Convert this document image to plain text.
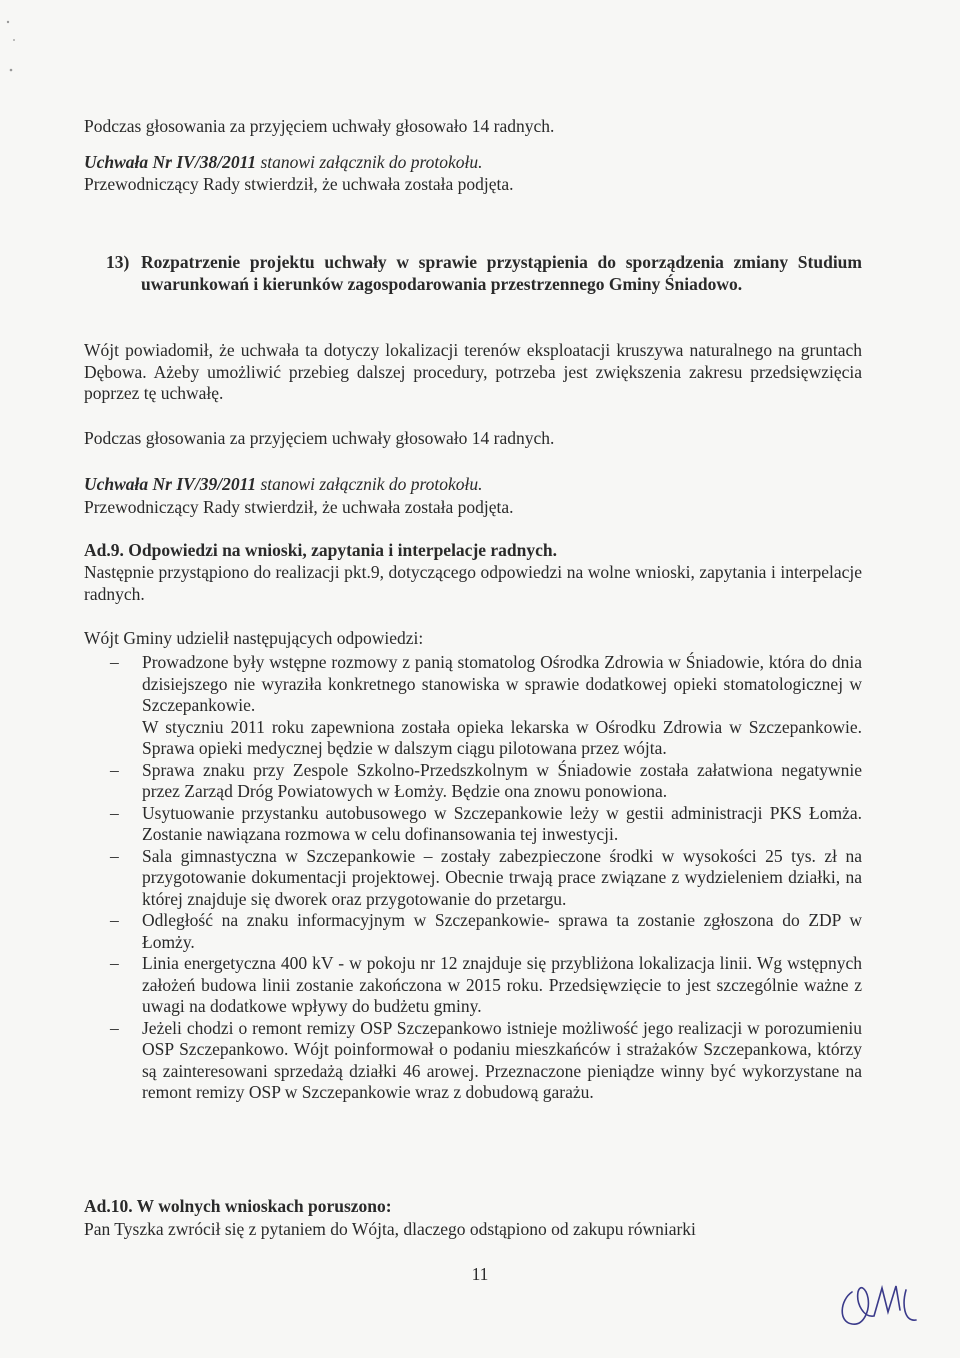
Podczas głosowania za przyjęciem uchwały głosowało 14 radnych.
Uchwała Nr IV/38/2011 stanowi załącznik do protokołu.
Przewodniczący Rady stwierdził, że uchwała została podjęta.
13) Rozpatrzenie projektu uchwały w sprawie przystąpienia do sporządzenia zmiany Studium uwarunkowań i kierunków zagospodarowania przestrzennego Gminy Śniadowo.
Wójt powiadomił, że uchwała ta dotyczy lokalizacji terenów eksploatacji kruszywa naturalnego na gruntach Dębowa. Ażeby umożliwić przebieg dalszej procedury, potrzeba jest zwiększenia zakresu przedsięwzięcia poprzez tę uchwałę.
Podczas głosowania za przyjęciem uchwały głosowało 14 radnych.
Uchwała Nr IV/39/2011 stanowi załącznik do protokołu.
Przewodniczący Rady stwierdził, że uchwała została podjęta.
Ad.9. Odpowiedzi na wnioski, zapytania i interpelacje radnych.
Następnie przystąpiono do realizacji pkt.9, dotyczącego odpowiedzi na wolne wnioski, zapytania i interpelacje radnych.
Wójt Gminy udzielił następujących odpowiedzi:
– Prowadzone były wstępne rozmowy z panią stomatolog Ośrodka Zdrowia w Śniadowie, która do dnia dzisiejszego nie wyraziła konkretnego stanowiska w sprawie dodatkowej opieki stomatologicznej w Szczepankowie.
W styczniu 2011 roku zapewniona została opieka lekarska w Ośrodku Zdrowia w Szczepankowie. Sprawa opieki medycznej będzie w dalszym ciągu pilotowana przez wójta.
– Sprawa znaku przy Zespole Szkolno-Przedszkolnym w Śniadowie została załatwiona negatywnie przez Zarząd Dróg Powiatowych w Łomży. Będzie ona znowu ponowiona.
– Usytuowanie przystanku autobusowego w Szczepankowie leży w gestii administracji PKS Łomża. Zostanie nawiązana rozmowa w celu dofinansowania tej inwestycji.
– Sala gimnastyczna w Szczepankowie – zostały zabezpieczone środki w wysokości 25 tys. zł na przygotowanie dokumentacji projektowej. Obecnie trwają prace związane z wydzieleniem działki, na której znajduje się dworek oraz przygotowanie do przetargu.
– Odległość na znaku informacyjnym w Szczepankowie- sprawa ta zostanie zgłoszona do ZDP w Łomży.
– Linia energetyczna 400 kV - w pokoju nr 12 znajduje się przybliżona lokalizacja linii. Wg wstępnych założeń budowa linii zostanie zakończona w 2015 roku. Przedsięwzięcie to jest szczególnie ważne z uwagi na dodatkowe wpływy do budżetu gminy.
– Jeżeli chodzi o remont remizy OSP Szczepankowo istnieje możliwość jego realizacji w porozumieniu OSP Szczepankowo. Wójt poinformował o podaniu mieszkańców i strażaków Szczepankowa, którzy są zainteresowani sprzedażą działki 46 arowej. Przeznaczone pieniądze winny być wykorzystane na remont remizy OSP w Szczepankowie wraz z dobudową garażu.
Ad.10. W wolnych wnioskach poruszono:
Pan Tyszka zwrócił się z pytaniem do Wójta, dlaczego odstąpiono od zakupu równiarki
11
